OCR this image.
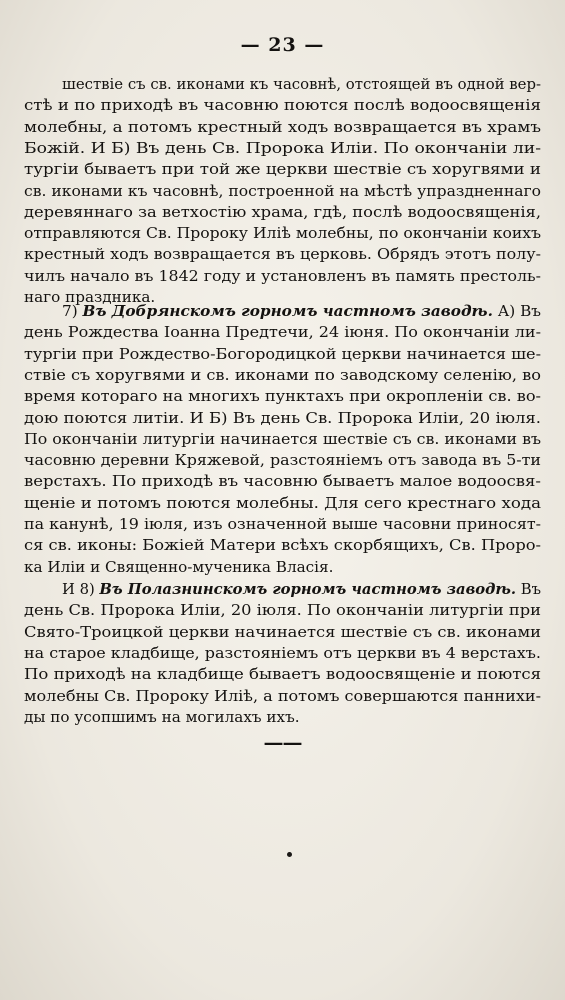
— 23 —
шествіе съ св. иконами къ часовнѣ, отстоящей въ одной вер-
стѣ и по приходѣ въ часовню поются послѣ водоосвященія
молебны, а потомъ крестный ходъ возвращается въ храмъ
Божій. И Б) Въ день Св. Пророка Иліи. По окончаніи ли-
тургіи бываетъ при той же церкви шествіе съ хоругвями и
св. иконами къ часовнѣ, построенной на мѣстѣ упраздненнаго
деревяннаго за ветхостію храма, гдѣ, послѣ водоосвященія,
отправляются Св. Пророку Иліѣ молебны, по окончаніи коихъ
крестный ходъ возвращается въ церковь. Обрядъ этотъ полу-
чилъ начало въ 1842 году и установленъ въ память престоль-
наго праздника.
7) Въ Добрянскомъ горномъ частномъ заводѣ. А) Въ
день Рождества Іоанна Предтечи, 24 іюня. По окончаніи ли-
тургіи при Рождество-Богородицкой церкви начинается ше-
ствіе съ хоругвями и св. иконами по заводскому селенію, во
время котораго на многихъ пунктахъ при окропленіи св. во-
дою поются литіи. И Б) Въ день Св. Пророка Иліи, 20 іюля.
По окончаніи литургіи начинается шествіе съ св. иконами въ
часовню деревни Кряжевой, разстояніемъ отъ завода въ 5-ти
верстахъ. По приходѣ въ часовню бываетъ малое водоосвя-
щеніе и потомъ поются молебны. Для сего крестнаго хода
па канунѣ, 19 іюля, изъ означенной выше часовни приносят-
ся св. иконы: Божіей Матери всѣхъ скорбящихъ, Св. Проро-
ка Иліи и Священно-мученика Власія.
И 8) Въ Полазнинскомъ горномъ частномъ заводѣ. Въ
день Св. Пророка Иліи, 20 іюля. По окончаніи литургіи при
Свято-Троицкой церкви начинается шествіе съ св. иконами
на старое кладбище, разстояніемъ отъ церкви въ 4 верстахъ.
По приходѣ на кладбище бываетъ водоосвященіе и поются
молебны Св. Пророку Иліѣ, а потомъ совершаются паннихи-
ды по усопшимъ на могилахъ ихъ.
——
